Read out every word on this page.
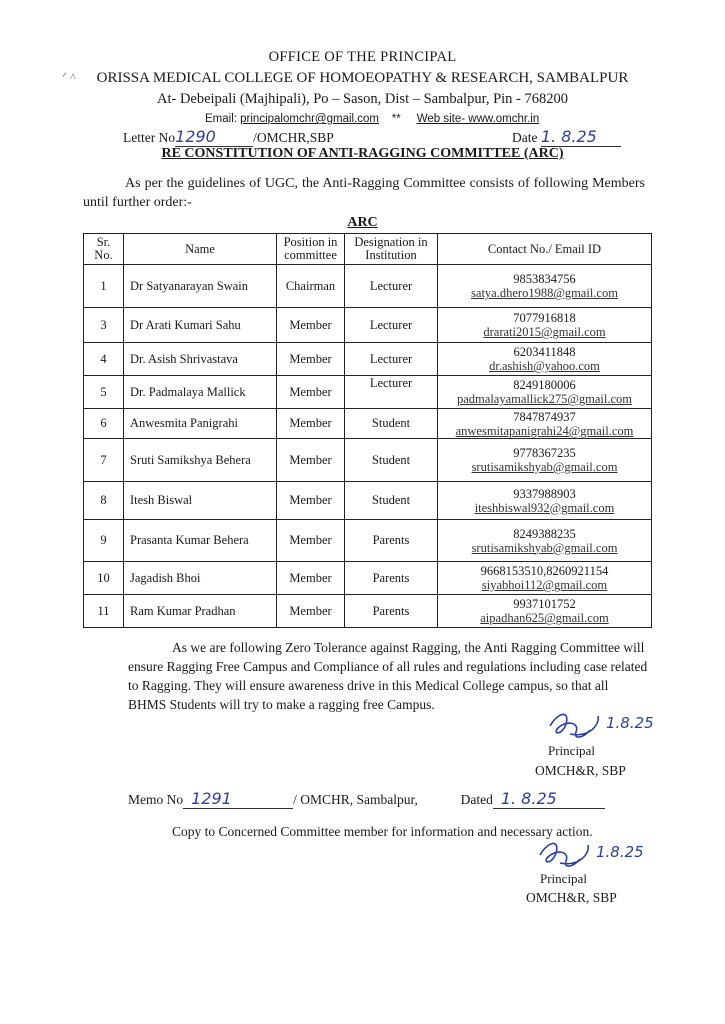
ᐟ ^
OFFICE OF THE PRINCIPAL
ORISSA MEDICAL COLLEGE OF HOMOEOPATHY & RESEARCH, SAMBALPUR
At- Debeipali (Majhipali), Po – Sason, Dist – Sambalpur, Pin - 768200
Email: principalomchr@gmail.com ** Web site- www.omchr.in
Letter No1290	/OMCHR,SBP	Date 1. 8.25
RE CONSTITUTION OF ANTI-RAGGING COMMITTEE (ARC)
As per the guidelines of UGC, the Anti-Ragging Committee consists of following Members until further order:-
ARC
Sr. No.	Name	Position in committee	Designation in Institution	Contact No./ Email ID
1	Dr Satyanarayan Swain	Chairman	Lecturer	9853834756
satya.dhero1988@gmail.com

3	Dr Arati Kumari Sahu	Member	Lecturer	7077916818
drarati2015@gmail.com

4	Dr. Asish Shrivastava	Member	Lecturer	6203411848
dr.ashish@yahoo.com

5	Dr. Padmalaya Mallick	Member	Lecturer	8249180006
padmalayamallick275@gmail.com

6	Anwesmita Panigrahi	Member	Student	7847874937
anwesmitapanigrahi24@gmail.com

7	Sruti Samikshya Behera	Member	Student	9778367235
srutisamikshyab@gmail.com

8	Itesh Biswal	Member	Student	9337988903
iteshbiswal932@gmail.com

9	Prasanta Kumar Behera	Member	Parents	8249388235
srutisamikshyab@gmail.com

10	Jagadish Bhoi	Member	Parents	9668153510,8260921154
siyabhoi112@gmail.com

11	Ram Kumar Pradhan	Member	Parents	9937101752
aipadhan625@gmail.com
As we are following Zero Tolerance against Ragging, the Anti Ragging Committee will ensure Ragging Free Campus and Compliance of all rules and regulations including case related to Ragging. They will ensure awareness drive in this Medical College campus, so that all BHMS Students will try to make a ragging free Campus.
1.8.25
Principal
OMCH&R, SBP
Memo No 1291	/ OMCHR, Sambalpur,	Dated 1. 8.25
Copy to Concerned Committee member for information and necessary action.
1.8.25
Principal
OMCH&R, SBP
